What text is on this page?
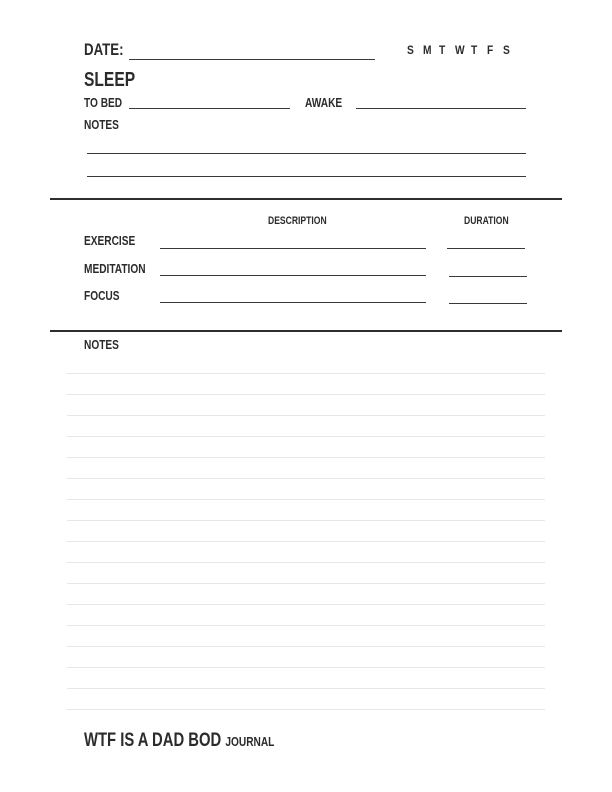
DATE:	S M T W T F S
SLEEP
TO BED	AWAKE
NOTES
DESCRIPTION	DURATION
EXERCISE
MEDITATION
FOCUS
NOTES
WTF IS A DAD BOD JOURNAL
